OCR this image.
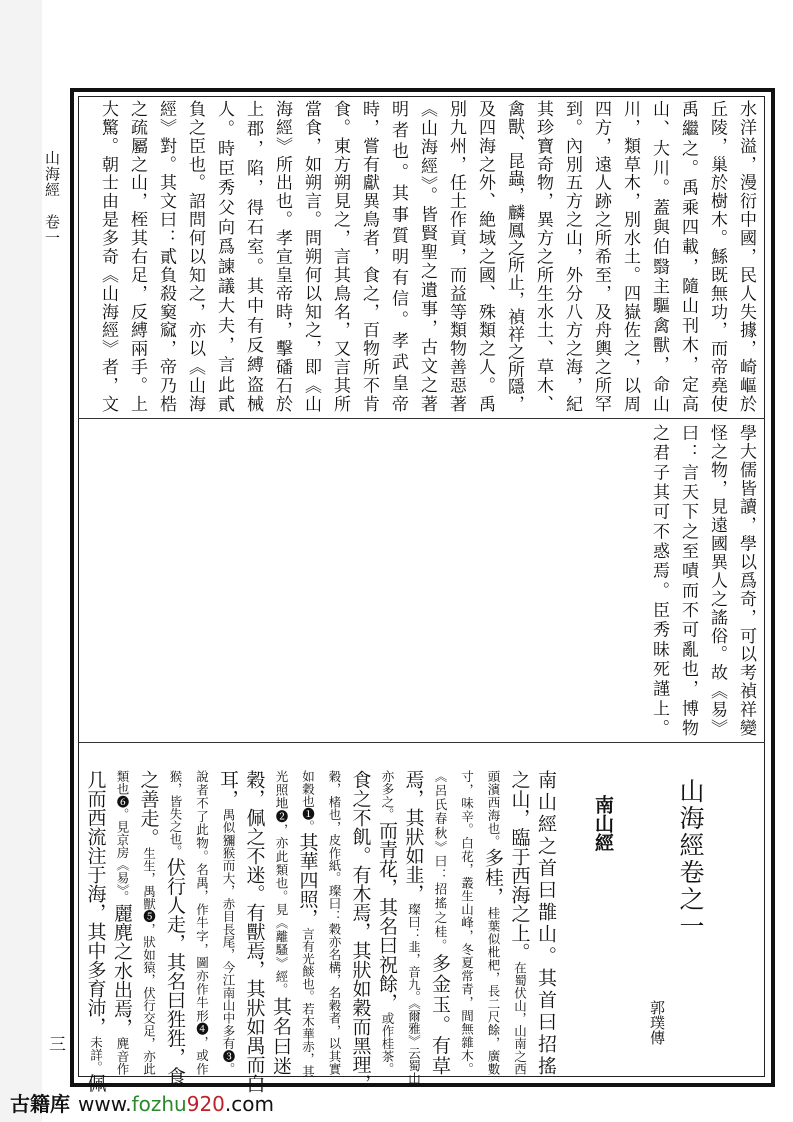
山海經　卷一
三
水洋溢，漫衍中國，民人失據，崎嶇於
丘陵，巢於樹木。鯀既無功，而帝堯使
禹繼之。禹乘四載，隨山刊木，定高
山、大川。蓋與伯翳主驅禽獸，命山
川，類草木，別水土。四嶽佐之，以周
四方，遠人跡之所希至，及舟輿之所罕
到。內別五方之山，外分八方之海，紀
其珍寶奇物，異方之所生水土、草木、
禽獸、昆蟲，麟鳳之所止，禎祥之所隱，
及四海之外、絶域之國、殊類之人。禹
別九州，任土作貢，而益等類物善惡著
《山海經》。皆賢聖之遺事，古文之著
明者也。其事質明有信。孝武皇帝
時，嘗有獻異鳥者，食之，百物所不肯
食。東方朔見之，言其鳥名，又言其所
當食，如朔言。問朔何以知之，即《山
海經》所出也。孝宣皇帝時，擊磻石於
上郡，陷，得石室。其中有反縛盗械
人。時臣秀父向爲諫議大夫，言此貳
負之臣也。詔問何以知之，亦以《山海
經》對。其文曰：貳負殺窫窳，帝乃梏
之疏屬之山，桎其右足，反縛兩手。上
大驚。朝士由是多奇《山海經》者，文
學大儒皆讀，學以爲奇，可以考禎祥變
怪之物，見遠國異人之謠俗。故《易》
曰：言天下之至嘖而不可亂也，博物
之君子其可不惑焉。臣秀昧死謹上。
山海經卷之一
郭璞傳
南山經
南山經之首曰䧿山。其首曰招搖
之山，臨于西海之上。在蜀伏山，山南之西
頭濱西海也。多桂，桂葉似枇杷，長二尺餘，廣數
寸，味辛。白花，叢生山峰，冬夏常青，間無雜木。
《呂氏春秋》曰：招搖之桂。多金玉。有草
焉，其狀如韭，璨曰：韭，音九。《爾雅》云蜀山
亦多之。而青花，其名曰祝餘，或作桂茶。
食之不飢。有木焉，其狀如穀而黑理，
穀，楮也，皮作紙。璨曰：穀亦名構，名穀者，以其實
如穀也❶。其華四照，言有光餤也。若木華赤，其
光照地❷，亦此類也。見《離騷》經。其名曰迷
穀，佩之不迷。有獸焉，其狀如禺而白
耳，禺似獼猴而大，赤目長尾，今江南山中多有❸。
說者不了此物。名禺，作牛字，圖亦作牛形❹，或作
猴，皆失之也。伏行人走，其名曰狌狌，食
之善走。生生，禺獸❺，狀如猿，伏行交足，亦此
類也❻。見京房《易》。麗麂之水出焉，麂音作
几而西流注于海，其中多育沛，未詳。佩
古籍库 www.fozhu920.com
